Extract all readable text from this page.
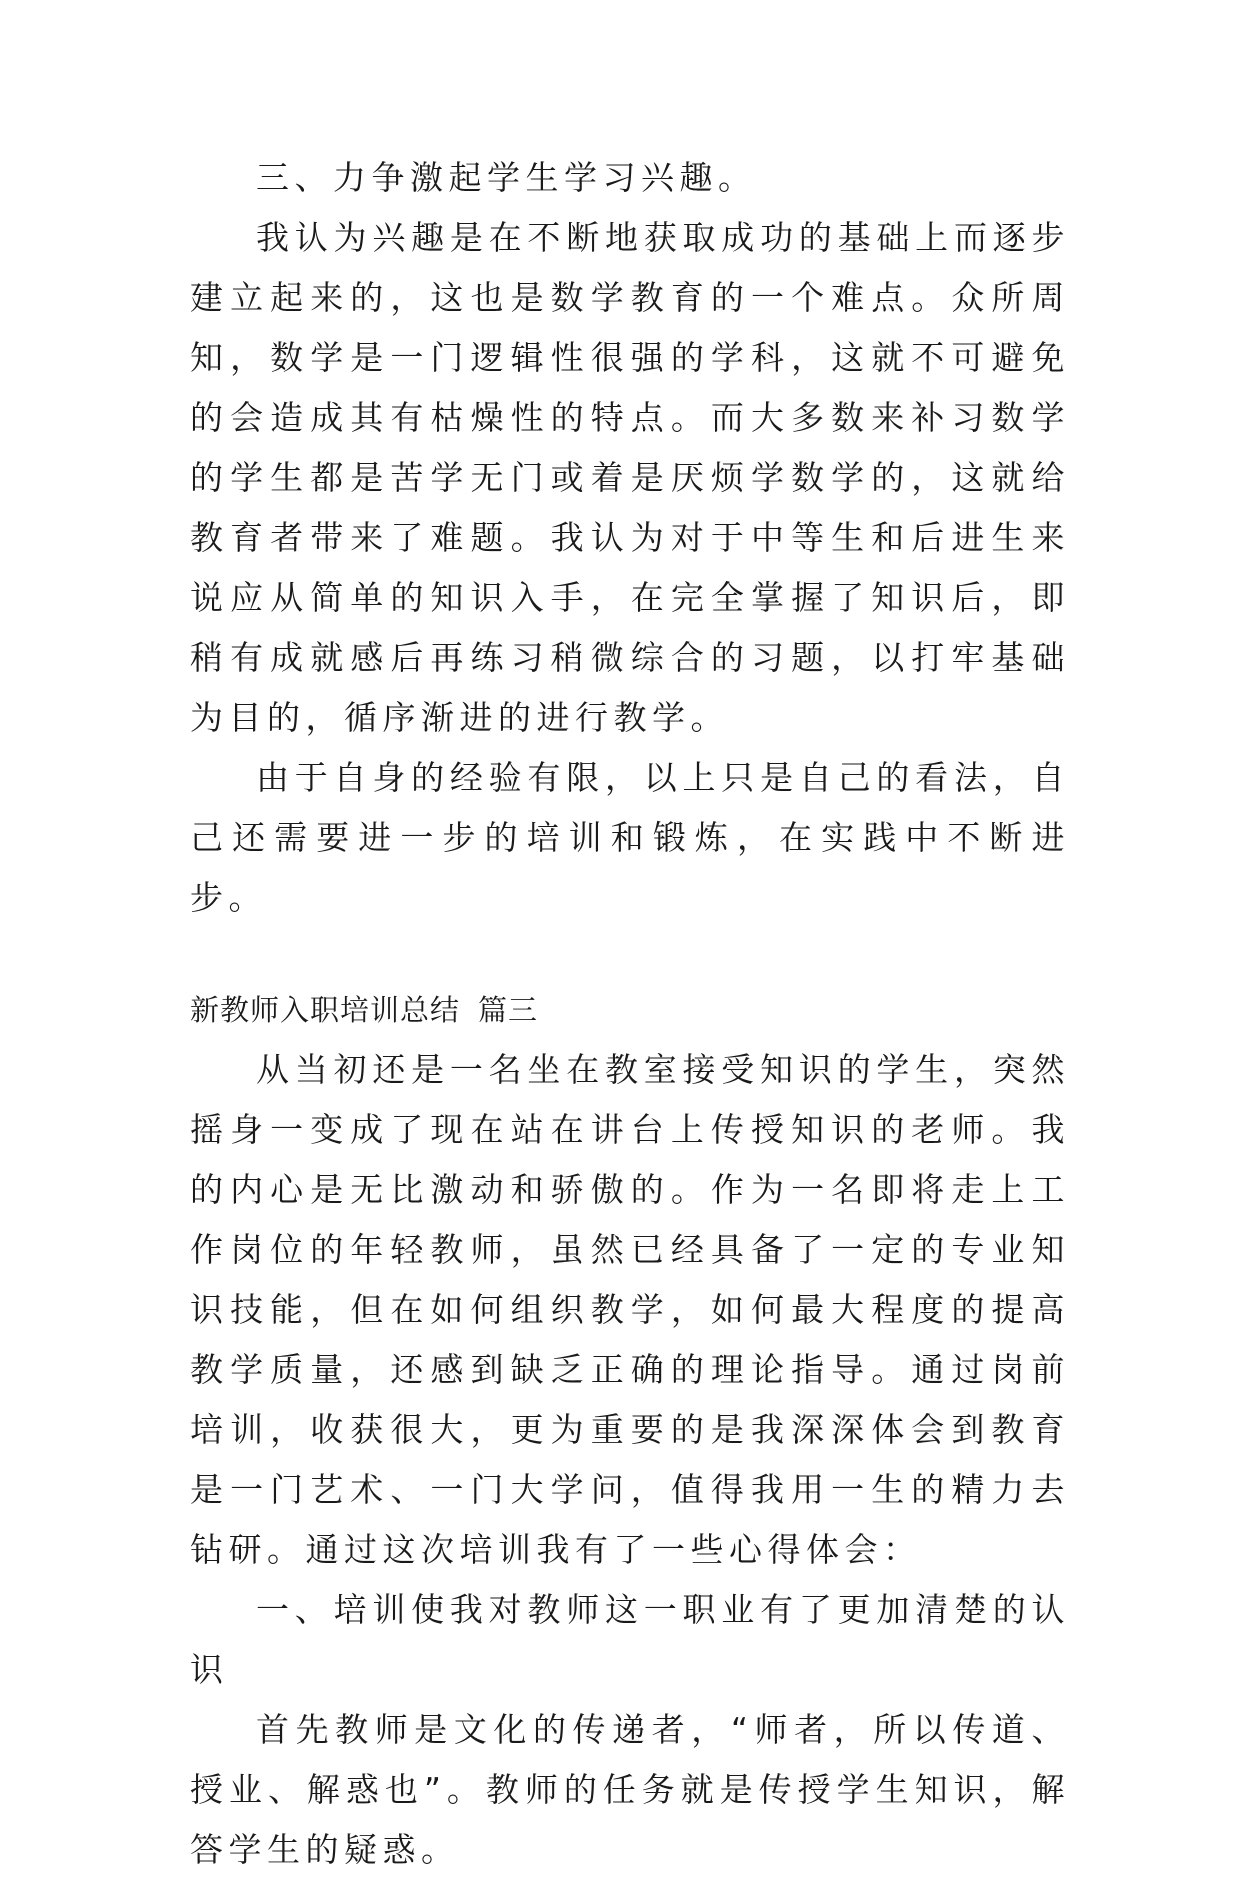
三、力争激起学生学习兴趣。

我认为兴趣是在不断地获取成功的基础上而逐步建立起来的，这也是数学教育的一个难点。众所周知，数学是一门逻辑性很强的学科，这就不可避免的会造成其有枯燥性的特点。而大多数来补习数学的学生都是苦学无门或着是厌烦学数学的，这就给教育者带来了难题。我认为对于中等生和后进生来说应从简单的知识入手，在完全掌握了知识后，即稍有成就感后再练习稍微综合的习题，以打牢基础为目的，循序渐进的进行教学。

由于自身的经验有限，以上只是自己的看法，自己还需要进一步的培训和锻炼，在实践中不断进步。

新教师入职培训总结 篇三

从当初还是一名坐在教室接受知识的学生，突然摇身一变成了现在站在讲台上传授知识的老师。我的内心是无比激动和骄傲的。作为一名即将走上工作岗位的年轻教师，虽然已经具备了一定的专业知识技能，但在如何组织教学，如何最大程度的提高教学质量，还感到缺乏正确的理论指导。通过岗前培训，收获很大，更为重要的是我深深体会到教育是一门艺术、一门大学问，值得我用一生的精力去钻研。通过这次培训我有了一些心得体会：

一、培训使我对教师这一职业有了更加清楚的认识

首先教师是文化的传递者，“师者，所以传道、授业、解惑也”。教师的任务就是传授学生知识，解答学生的疑惑。
